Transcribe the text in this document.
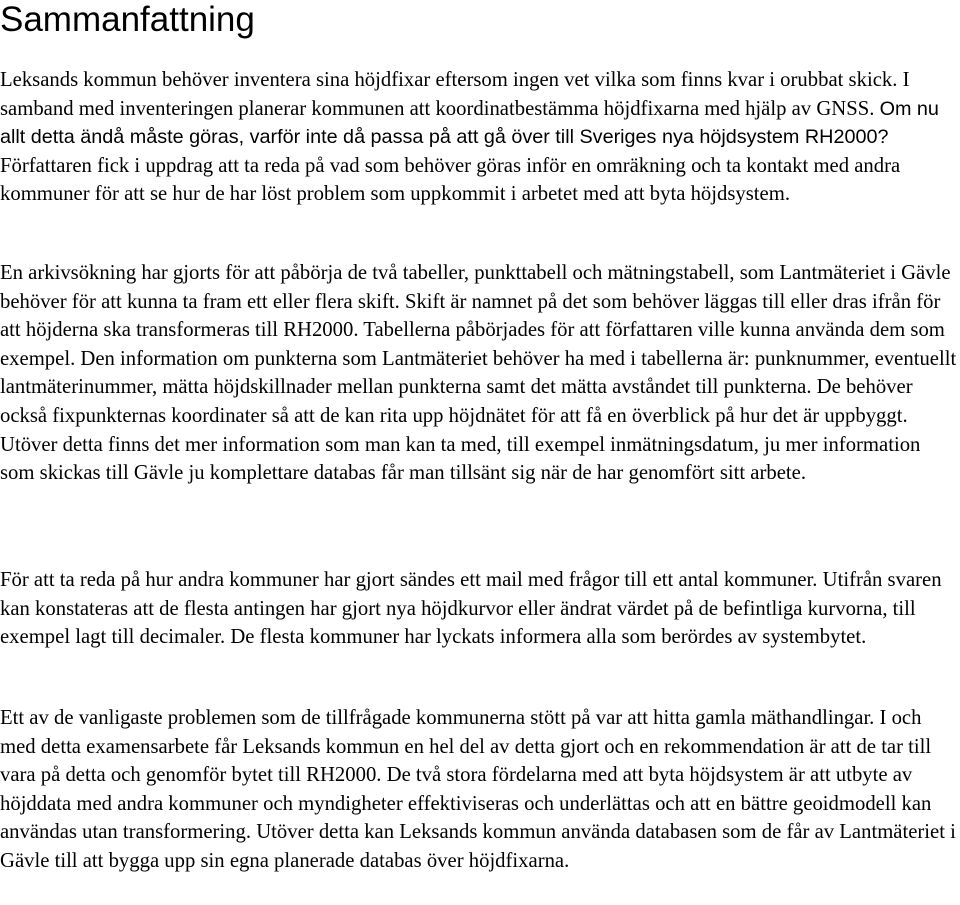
Sammanfattning

Leksands kommun behöver inventera sina höjdfixar eftersom ingen vet vilka som finns kvar i orubbat skick. I samband med inventeringen planerar kommunen att koordinatbestämma höjdfixarna med hjälp av GNSS. Om nu allt detta ändå måste göras, varför inte då passa på att gå över till Sveriges nya höjdsystem RH2000? Författaren fick i uppdrag att ta reda på vad som behöver göras inför en omräkning och ta kontakt med andra kommuner för att se hur de har löst problem som uppkommit i arbetet med att byta höjdsystem.

En arkivsökning har gjorts för att påbörja de två tabeller, punkttabell och mätningstabell, som Lantmäteriet i Gävle behöver för att kunna ta fram ett eller flera skift. Skift är namnet på det som behöver läggas till eller dras ifrån för att höjderna ska transformeras till RH2000. Tabellerna påbörjades för att författaren ville kunna använda dem som exempel. Den information om punkterna som Lantmäteriet behöver ha med i tabellerna är: punknummer, eventuellt lantmäterinummer, mätta höjdskillnader mellan punkterna samt det mätta avståndet till punkterna. De behöver också fixpunkternas koordinater så att de kan rita upp höjdnätet för att få en överblick på hur det är uppbyggt. Utöver detta finns det mer information som man kan ta med, till exempel inmätningsdatum, ju mer information som skickas till Gävle ju komplettare databas får man tillsänt sig när de har genomfört sitt arbete.

För att ta reda på hur andra kommuner har gjort sändes ett mail med frågor till ett antal kommuner. Utifrån svaren kan konstateras att de flesta antingen har gjort nya höjdkurvor eller ändrat värdet på de befintliga kurvorna, till exempel lagt till decimaler. De flesta kommuner har lyckats informera alla som berördes av systembytet.

Ett av de vanligaste problemen som de tillfrågade kommunerna stött på var att hitta gamla mäthandlingar. I och med detta examensarbete får Leksands kommun en hel del av detta gjort och en rekommendation är att de tar till vara på detta och genomför bytet till RH2000. De två stora fördelarna med att byta höjdsystem är att utbyte av höjddata med andra kommuner och myndigheter effektiviseras och underlättas och att en bättre geoidmodell kan användas utan transformering. Utöver detta kan Leksands kommun använda databasen som de får av Lantmäteriet i Gävle till att bygga upp sin egna planerade databas över höjdfixarna.
